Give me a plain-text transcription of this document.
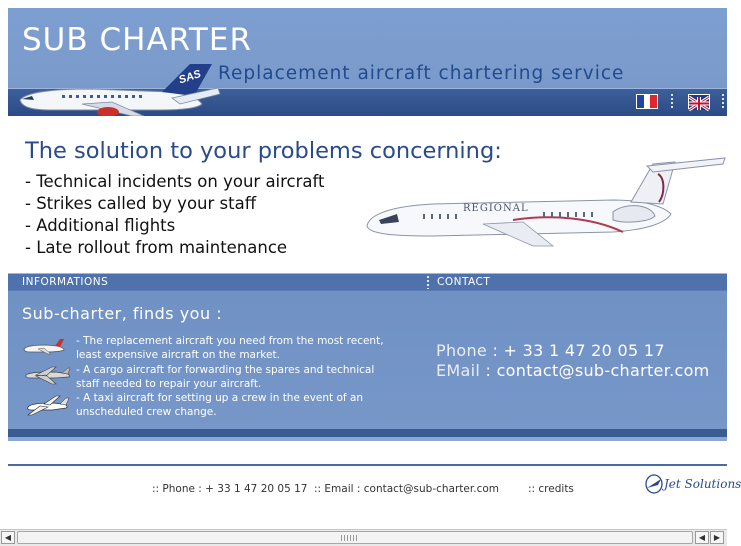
SUB CHARTER
Replacement aircraft chartering service
SAS
The solution to your problems concerning:
- Technical incidents on your aircraft
- Strikes called by your staff
- Additional flights
- Late rollout from maintenance
REGIONAL
INFORMATIONS	CONTACT
Sub-charter, finds you :
- The replacement aircraft you need from the most recent, least expensive aircraft on the market.
- A cargo aircraft for forwarding the spares and technical staff needed to repair your aircraft.
- A taxi aircraft for setting up a crew in the event of an unscheduled crew change.
Phone : + 33 1 47 20 05 17
EMail : contact@sub-charter.com
:: Phone : + 33 1 47 20 05 17 :: Email : contact@sub-charter.com	:: credits	Jet Solutions
◀	◀	▶
